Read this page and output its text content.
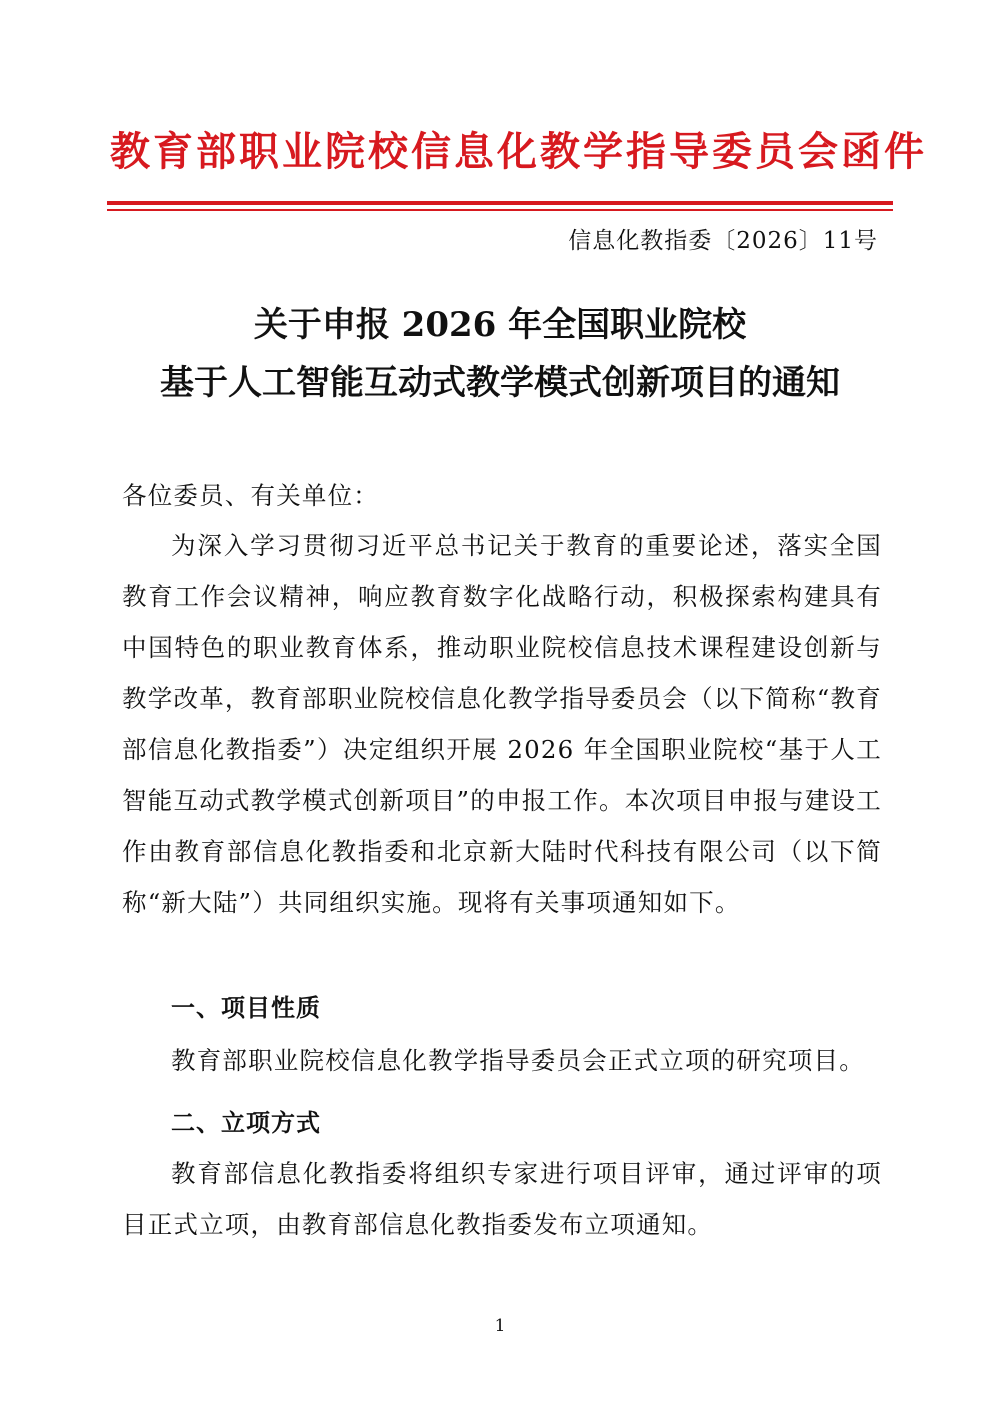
教育部职业院校信息化教学指导委员会函件
信息化教指委〔2026〕11号
关于申报 2026 年全国职业院校
基于人工智能互动式教学模式创新项目的通知

各位委员、有关单位：

为深入学习贯彻习近平总书记关于教育的重要论述，落实全国教育工作会议精神，响应教育数字化战略行动，积极探索构建具有中国特色的职业教育体系，推动职业院校信息技术课程建设创新与教学改革，教育部职业院校信息化教学指导委员会（以下简称“教育部信息化教指委”）决定组织开展 2026 年全国职业院校“基于人工智能互动式教学模式创新项目”的申报工作。本次项目申报与建设工作由教育部信息化教指委和北京新大陆时代科技有限公司（以下简称“新大陆”）共同组织实施。现将有关事项通知如下。

一、项目性质

教育部职业院校信息化教学指导委员会正式立项的研究项目。

二、立项方式

教育部信息化教指委将组织专家进行项目评审，通过评审的项目正式立项，由教育部信息化教指委发布立项通知。

1
